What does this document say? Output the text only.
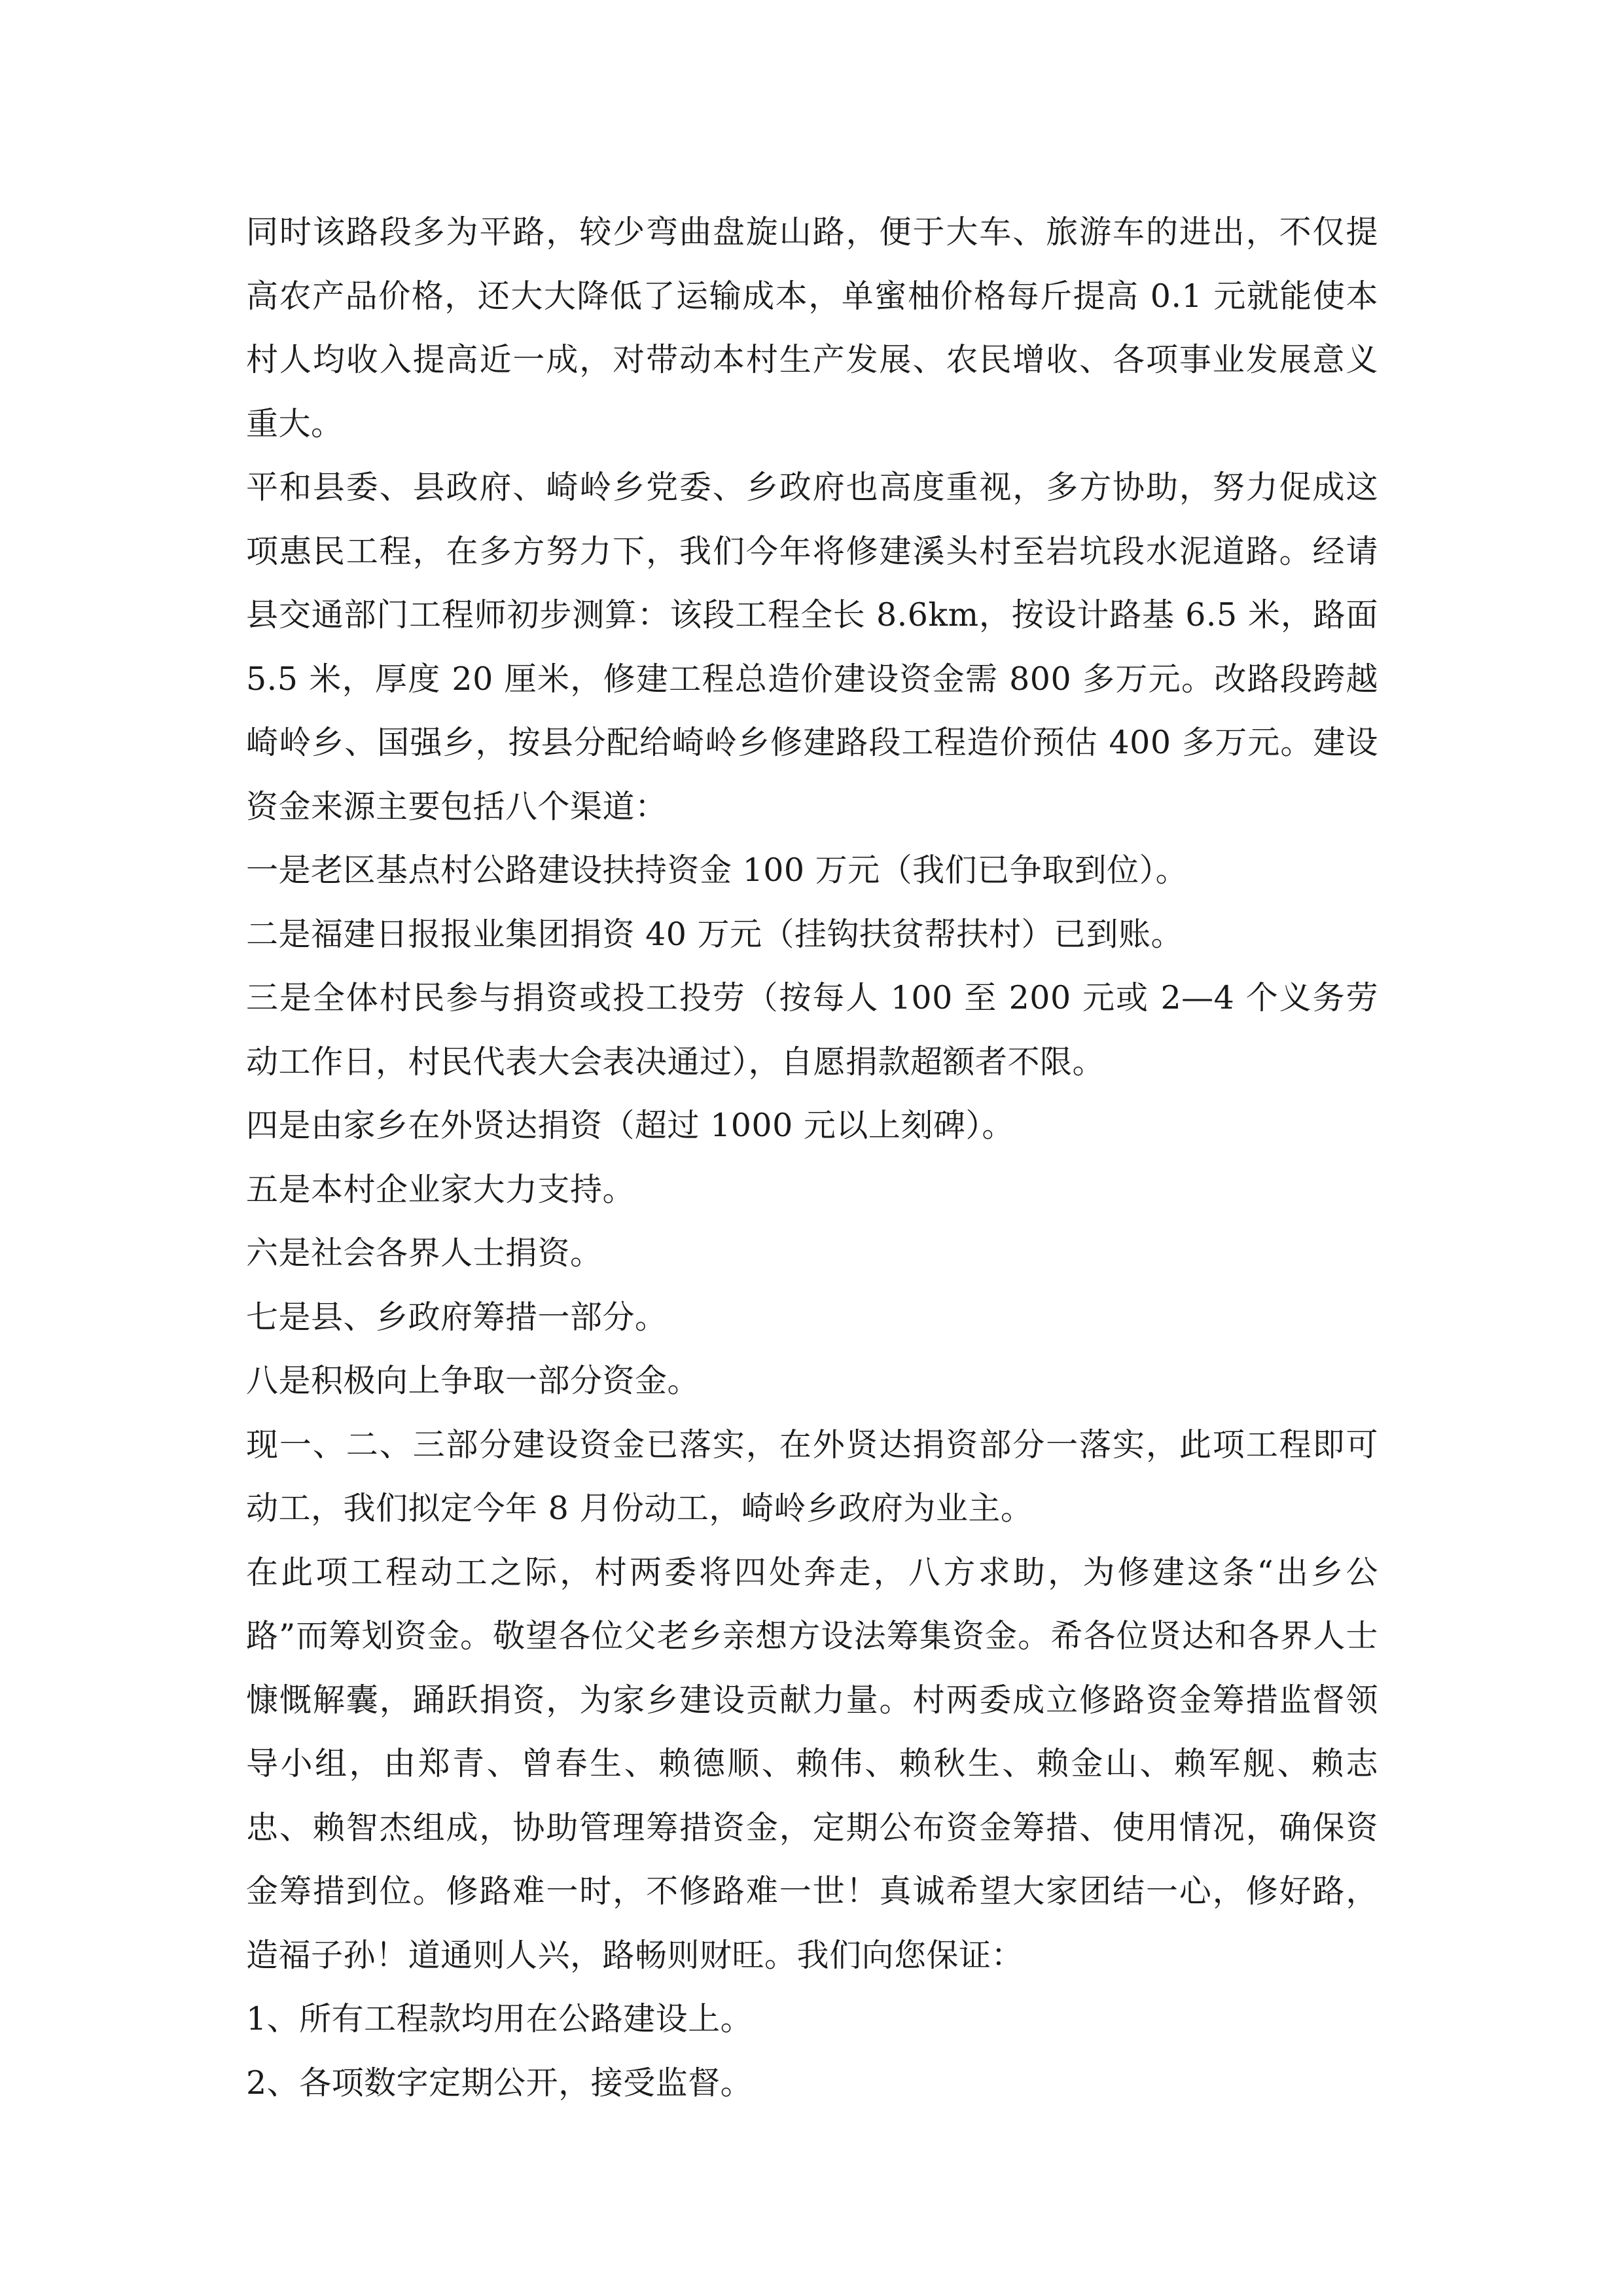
同时该路段多为平路，较少弯曲盘旋山路，便于大车、旅游车的进出，不仅提高农产品价格，还大大降低了运输成本，单蜜柚价格每斤提高 0.1 元就能使本村人均收入提高近一成，对带动本村生产发展、农民增收、各项事业发展意义重大。

平和县委、县政府、崎岭乡党委、乡政府也高度重视，多方协助，努力促成这项惠民工程，在多方努力下，我们今年将修建溪头村至岩坑段水泥道路。经请县交通部门工程师初步测算：该段工程全长 8.6km，按设计路基 6.5 米，路面 5.5 米，厚度 20 厘米，修建工程总造价建设资金需 800 多万元。改路段跨越崎岭乡、国强乡，按县分配给崎岭乡修建路段工程造价预估 400 多万元。建设资金来源主要包括八个渠道：

一是老区基点村公路建设扶持资金 100 万元（我们已争取到位）。

二是福建日报报业集团捐资 40 万元（挂钩扶贫帮扶村）已到账。

三是全体村民参与捐资或投工投劳（按每人 100 至 200 元或 2—4 个义务劳动工作日，村民代表大会表决通过），自愿捐款超额者不限。

四是由家乡在外贤达捐资（超过 1000 元以上刻碑）。

五是本村企业家大力支持。

六是社会各界人士捐资。

七是县、乡政府筹措一部分。

八是积极向上争取一部分资金。

现一、二、三部分建设资金已落实，在外贤达捐资部分一落实，此项工程即可动工，我们拟定今年 8 月份动工，崎岭乡政府为业主。

在此项工程动工之际，村两委将四处奔走，八方求助，为修建这条“出乡公路”而筹划资金。敬望各位父老乡亲想方设法筹集资金。希各位贤达和各界人士慷慨解囊，踊跃捐资，为家乡建设贡献力量。村两委成立修路资金筹措监督领导小组，由郑青、曾春生、赖德顺、赖伟、赖秋生、赖金山、赖军舰、赖志忠、赖智杰组成，协助管理筹措资金，定期公布资金筹措、使用情况，确保资金筹措到位。修路难一时，不修路难一世！真诚希望大家团结一心，修好路，造福子孙！道通则人兴，路畅则财旺。我们向您保证：

1、所有工程款均用在公路建设上。

2、各项数字定期公开，接受监督。
